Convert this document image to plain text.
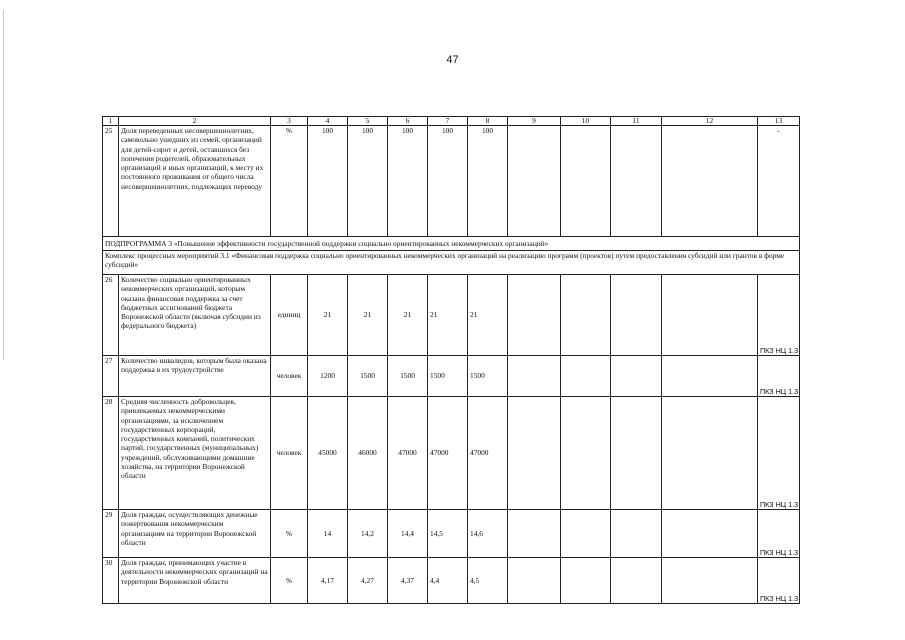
47
1	2	3	4	5	6	7	8	9	10	11	12	13
25	Доля переведенных несовершеннолетних, самовольно ушедших из семей, организаций для детей-сирот и детей, оставшихся без попечения родителей, образовательных организаций и иных организаций, к месту их постоянного проживания от общего числа несовершеннолетних, подлежащих переводу	%	100	100	100	100	100					-
ПОДПРОГРАММА 3 «Повышение эффективности государственной поддержки социально ориентированных некоммерческих организаций»												
Комплекс процессных мероприятий 3.1 «Финансовая поддержка социально ориентированных некоммерческих организаций на реализацию программ (проектов) путем предоставления субсидий или грантов в форме субсидий»												
26	Количество социально ориентированных некоммерческих организаций, которым оказана финансовая поддержка за счет бюджетных ассигнований бюджета Воронежской области (включая субсидии из федерального бюджета)	единиц	21	21	21	21	21					ПКЗ НЦ 1.3
27	Количество инвалидов, которым была оказана поддержка в их трудоустройстве	человек	1200	1500	1500	1500	1500					ПКЗ НЦ 1.3
28	Средняя численность добровольцев, привлекаемых некоммерческими организациями, за исключением государственных корпораций, государственных компаний, политических партий, государственных (муниципальных) учреждений, обслуживающими домашние хозяйства, на территории Воронежской области	человек	45000	46000	47000	47000	47000					ПКЗ НЦ 1.3
29	Доля граждан, осуществляющих денежные пожертвования некоммерческим организациям на территории Воронежской области	%	14	14,2	14,4	14,5	14,6					ПКЗ НЦ 1.3
30	Доля граждан, принимающих участие в деятельности некоммерческих организаций на территории Воронежской области	%	4,17	4,27	4,37	4,4	4,5					ПКЗ НЦ 1.3
